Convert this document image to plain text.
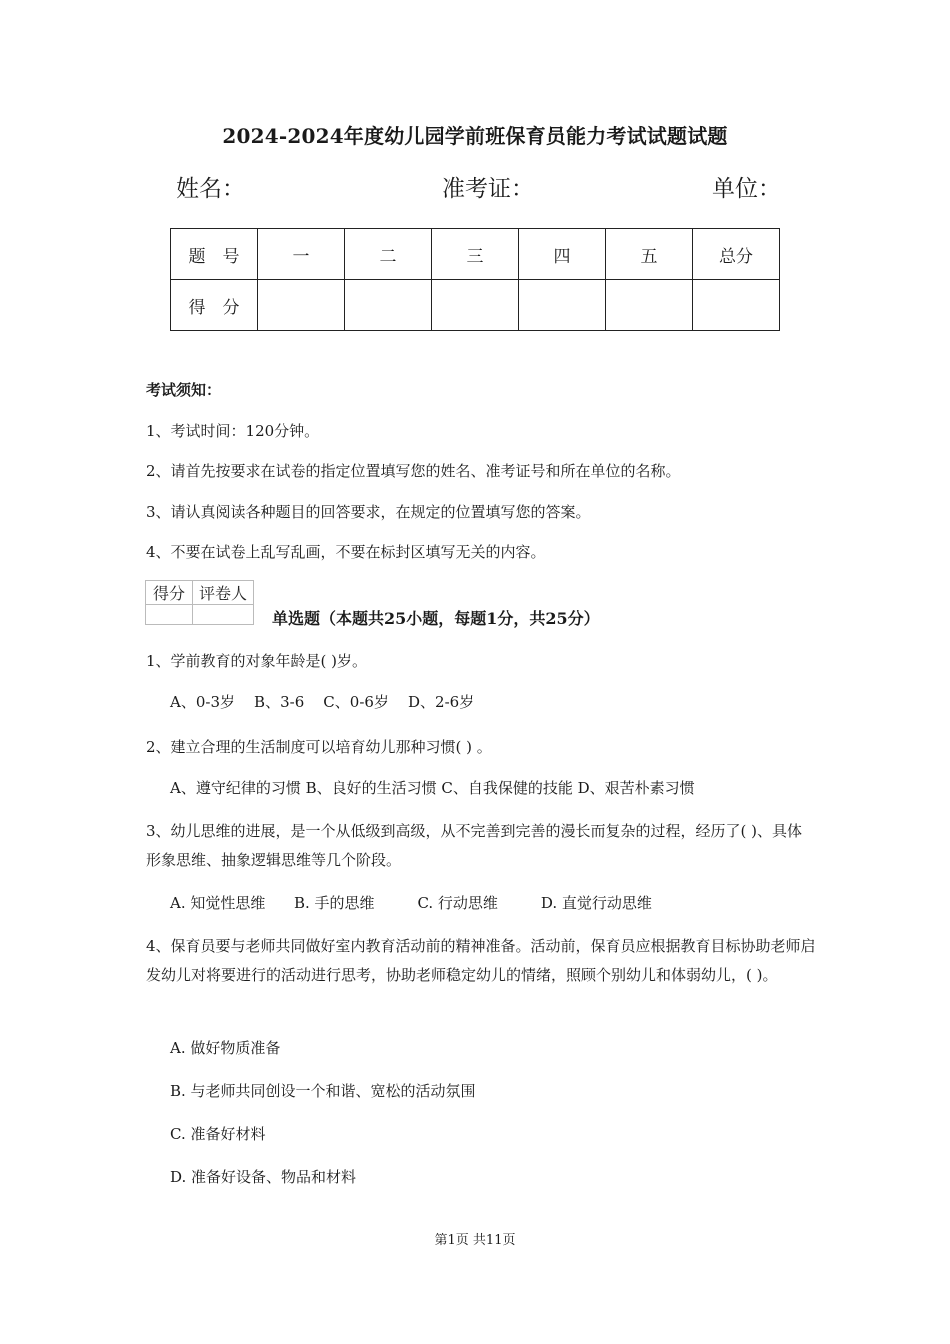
2024-2024年度幼儿园学前班保育员能力考试试题试题
姓名：	准考证：	单位：
题　号	一	二	三	四	五	总分
得　分						
考试须知：
1、考试时间：120分钟。
2、请首先按要求在试卷的指定位置填写您的姓名、准考证号和所在单位的名称。
3、请认真阅读各种题目的回答要求，在规定的位置填写您的答案。
4、不要在试卷上乱写乱画，不要在标封区填写无关的内容。
得分	评卷人

单选题（本题共25小题，每题1分，共25分）
1、学前教育的对象年龄是( )岁。
A、0-3岁    B、3-6    C、0-6岁    D、2-6岁
2、建立合理的生活制度可以培育幼儿那种习惯( ) 。
A、遵守纪律的习惯 B、良好的生活习惯 C、自我保健的技能 D、艰苦朴素习惯
3、幼儿思维的进展，是一个从低级到高级，从不完善到完善的漫长而复杂的过程，经历了( )、具体形象思维、抽象逻辑思维等几个阶段。
A. 知觉性思维      B. 手的思维         C. 行动思维         D. 直觉行动思维
4、保育员要与老师共同做好室内教育活动前的精神准备。活动前，保育员应根据教育目标协助老师启发幼儿对将要进行的活动进行思考，协助老师稳定幼儿的情绪，照顾个别幼儿和体弱幼儿，( )。
A. 做好物质准备
B. 与老师共同创设一个和谐、宽松的活动氛围
C. 准备好材料
D. 准备好设备、物品和材料
第1页 共11页
